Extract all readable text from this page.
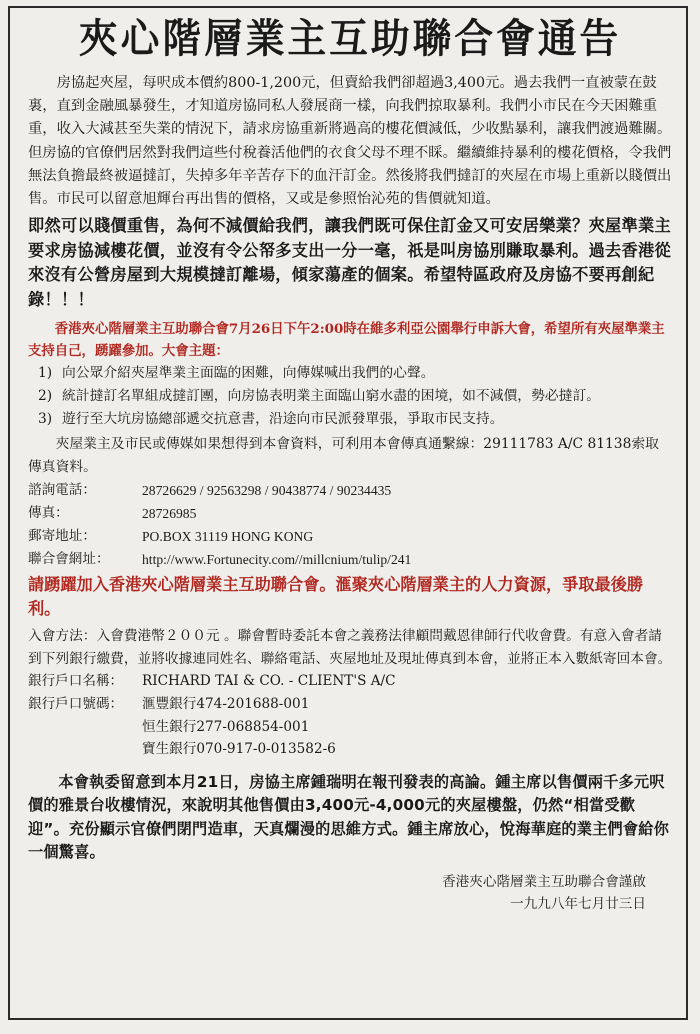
夾心階層業主互助聯合會通告

房協起夾屋，每呎成本價約800-1,200元，但賣給我們卻超過3,400元。過去我們一直被蒙在鼓裏，直到金融風暴發生，才知道房協同私人發展商一樣，向我們掠取暴利。我們小市民在今天困難重重，收入大減甚至失業的情況下，請求房協重新將過高的樓花價減低，少收點暴利，讓我們渡過難關。但房協的官僚們居然對我們這些付稅養活他們的衣食父母不理不睬。繼續維持暴利的樓花價格，令我們無法負擔最終被逼撻訂，失掉多年辛苦存下的血汗訂金。然後將我們撻訂的夾屋在市場上重新以賤價出售。市民可以留意旭輝台再出售的價格，又或是參照怡沁苑的售價就知道。

即然可以賤價重售，為何不減價給我們，讓我們既可保住訂金又可安居樂業？夾屋準業主要求房協減樓花價，並沒有令公帑多支出一分一毫，祇是叫房協別賺取暴利。過去香港從來沒有公營房屋到大規模撻訂離場，傾家蕩產的個案。希望特區政府及房協不要再創紀錄！！！

香港夾心階層業主互助聯合會7月26日下午2:00時在維多利亞公園舉行申訴大會，希望所有夾屋準業主支持自己，踴躍參加。大會主題：

1) 向公眾介紹夾屋準業主面臨的困難，向傳媒喊出我們的心聲。
2) 統計撻訂名單組成撻訂團，向房協表明業主面臨山窮水盡的困境，如不減價，勢必撻訂。
3) 遊行至大坑房協總部遞交抗意書，沿途向市民派發單張，爭取市民支持。

夾屋業主及市民或傳媒如果想得到本會資料，可利用本會傳真通繫線：29111783 A/C 81138索取傳真資料。

諮詢電話：	28726629 / 92563298 / 90438774 / 90234435
傳真：	28726985
郵寄地址：	PO.BOX 31119 HONG KONG
聯合會網址：	http://www.Fortunecity.com//millcnium/tulip/241

請踴躍加入香港夾心階層業主互助聯合會。滙聚夾心階層業主的人力資源，爭取最後勝利。

入會方法：入會費港幣２００元 。聯會暫時委託本會之義務法律顧問戴恩律師行代收會費。有意入會者請到下列銀行繳費，並將收據連同姓名、聯絡電話、夾屋地址及現址傳真到本會，並將正本入數紙寄回本會。

銀行戶口名稱：	RICHARD TAI & CO. - CLIENT'S A/C
銀行戶口號碼：	滙豐銀行474-201688-001
恒生銀行277-068854-001
寶生銀行070-917-0-013582-6

本會執委留意到本月21日，房協主席鍾瑞明在報刊發表的高論。鍾主席以售價兩千多元呎價的雅景台收樓情況，來說明其他售價由3,400元-4,000元的夾屋樓盤，仍然“相當受歡迎”。充份顯示官僚們閉門造車，天真爛漫的思維方式。鍾主席放心，悅海華庭的業主們會給你一個驚喜。

香港夾心階層業主互助聯合會謹啟
一九九八年七月廿三日
